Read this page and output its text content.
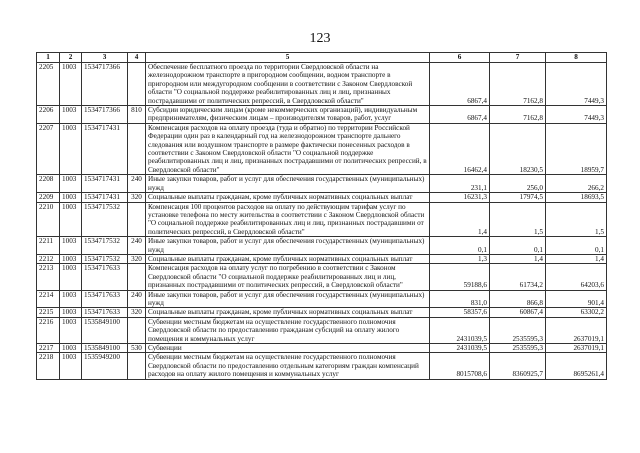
123
1	2	3	4	5	6	7	8
2205	1003	1534717366		Обеспечение бесплатного проезда по территории Свердловской области на железнодорожном транспорте в пригородном сообщении, водном транспорте в пригородном или междугородном сообщении в соответствии с Законом Свердловской области "О социальной поддержке реабилитированных лиц и лиц, признанных пострадавшими от политических репрессий, в Свердловской области"	6867,4	7162,8	7449,3
2206	1003	1534717366	810	Субсидии юридическим лицам (кроме некоммерческих организаций), индивидуальным предпринимателям, физическим лицам – производителям товаров, работ, услуг	6867,4	7162,8	7449,3
2207	1003	1534717431		Компенсация расходов на оплату проезда (туда и обратно) по территории Российской Федерации один раз в календарный год на железнодорожном транспорте дальнего следования или воздушном транспорте в размере фактически понесенных расходов в соответствии с Законом Свердловской области "О социальной поддержке реабилитированных лиц и лиц, признанных пострадавшими от политических репрессий, в Свердловской области"	16462,4	18230,5	18959,7
2208	1003	1534717431	240	Иные закупки товаров, работ и услуг для обеспечения государственных (муниципальных) нужд	231,1	256,0	266,2
2209	1003	1534717431	320	Социальные выплаты гражданам, кроме публичных нормативных социальных выплат	16231,3	17974,5	18693,5
2210	1003	1534717532		Компенсация 100 процентов расходов на оплату по действующим тарифам услуг по установке телефона по месту жительства в соответствии с Законом Свердловской области "О социальной поддержке реабилитированных лиц и лиц, признанных пострадавшими от политических репрессий, в Свердловской области"	1,4	1,5	1,5
2211	1003	1534717532	240	Иные закупки товаров, работ и услуг для обеспечения государственных (муниципальных) нужд	0,1	0,1	0,1
2212	1003	1534717532	320	Социальные выплаты гражданам, кроме публичных нормативных социальных выплат	1,3	1,4	1,4
2213	1003	1534717633		Компенсация расходов на оплату услуг по погребению в соответствии с Законом Свердловской области "О социальной поддержке реабилитированных лиц и лиц, признанных пострадавшими от политических репрессий, в Свердловской области"	59188,6	61734,2	64203,6
2214	1003	1534717633	240	Иные закупки товаров, работ и услуг для обеспечения государственных (муниципальных) нужд	831,0	866,8	901,4
2215	1003	1534717633	320	Социальные выплаты гражданам, кроме публичных нормативных социальных выплат	58357,6	60867,4	63302,2
2216	1003	1535849100		Субвенции местным бюджетам на осуществление государственного полномочия Свердловской области по предоставлению гражданам субсидий на оплату жилого помещения и коммунальных услуг	2431039,5	2535595,3	2637019,1
2217	1003	1535849100	530	Субвенции	2431039,5	2535595,3	2637019,1
2218	1003	1535949200		Субвенции местным бюджетам на осуществление государственного полномочия Свердловской области по предоставлению отдельным категориям граждан компенсаций расходов на оплату жилого помещения и коммунальных услуг	8015708,6	8360925,7	8695261,4
